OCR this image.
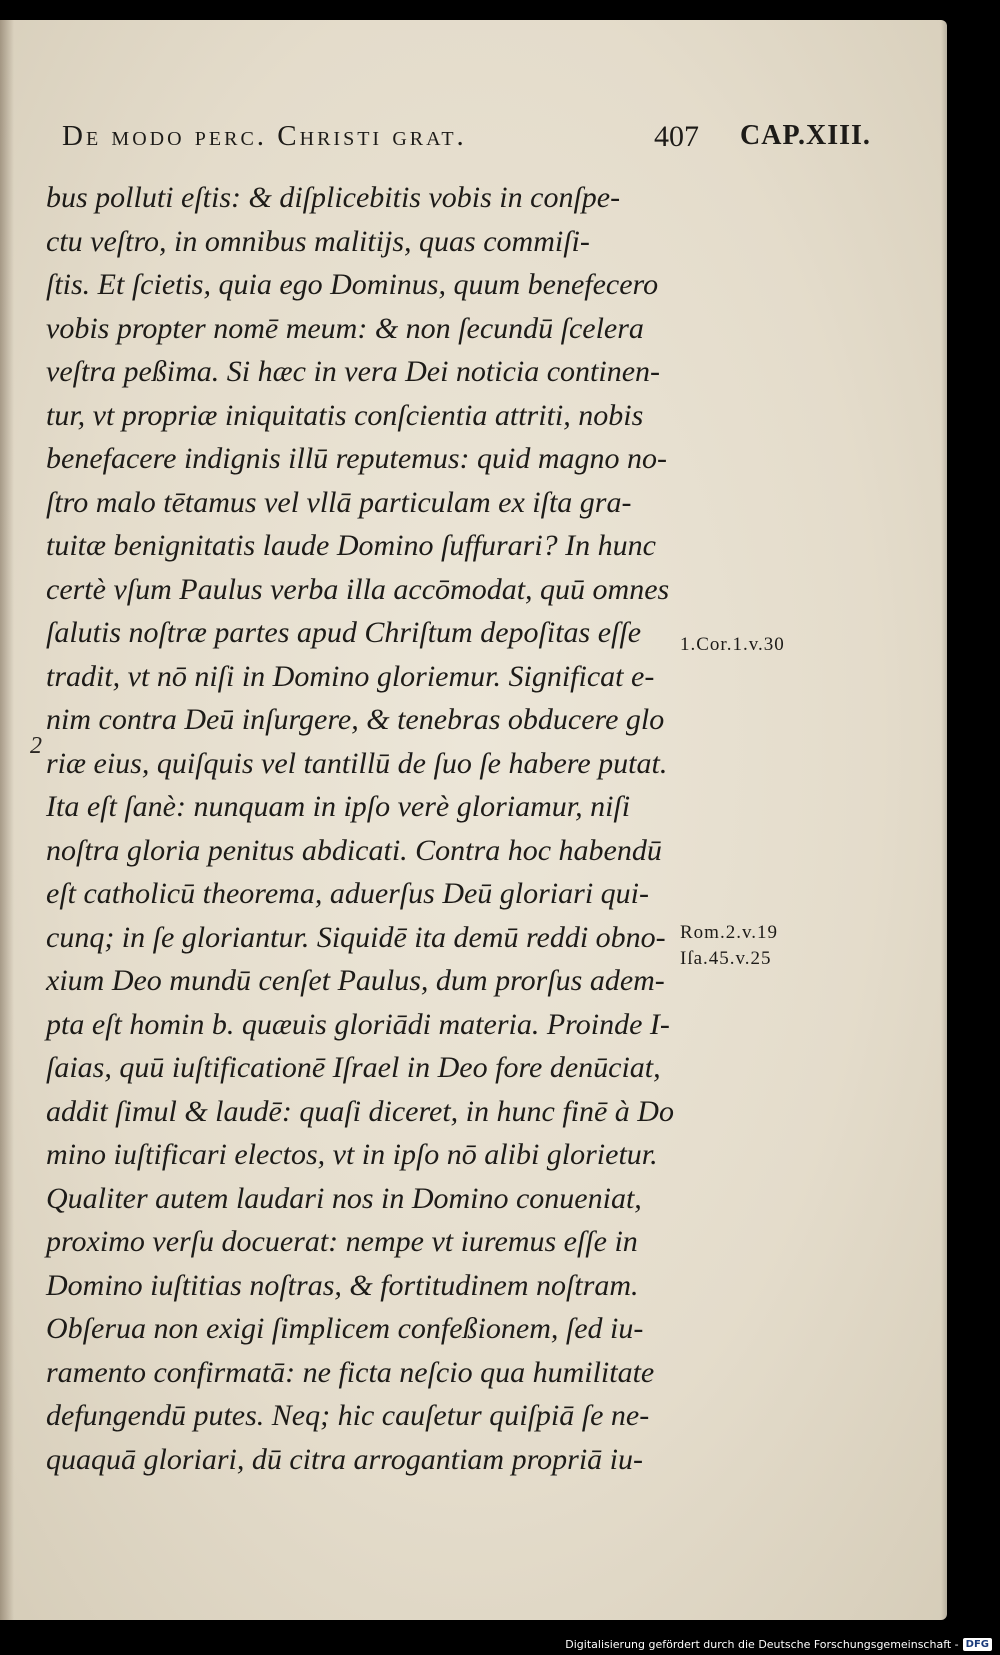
De modo perc. Christi grat.	407 CAP.XIII.
2
bus polluti eſtis: & diſplicebitis vobis in conſpe-
ctu veſtro, in omnibus malitijs, quas commiſi-
ſtis. Et ſcietis, quia ego Dominus, quum benefecero
vobis propter nomē meum: & non ſecundū ſcelera
veſtra peßima. Si hæc in vera Dei noticia continen-
tur, vt propriæ iniquitatis conſcientia attriti, nobis
benefacere indignis illū reputemus: quid magno no-
ſtro malo tētamus vel vllā particulam ex iſta gra-
tuitæ benignitatis laude Domino ſuffurari? In hunc
certè vſum Paulus verba illa accōmodat, quū omnes
ſalutis noſtræ partes apud Chriſtum depoſitas eſſe
tradit, vt nō niſi in Domino gloriemur. Significat e-
nim contra Deū inſurgere, & tenebras obducere glo
riæ eius, quiſquis vel tantillū de ſuo ſe habere putat.
Ita eſt ſanè: nunquam in ipſo verè gloriamur, niſi
noſtra gloria penitus abdicati. Contra hoc habendū
eſt catholicū theorema, aduerſus Deū gloriari qui-
cunq; in ſe gloriantur. Siquidē ita demū reddi obno-
xium Deo mundū cenſet Paulus, dum prorſus adem-
pta eſt homin b. quæuis gloriādi materia. Proinde I-
ſaias, quū iuſtificationē Iſrael in Deo fore denūciat,
addit ſimul & laudē: quaſi diceret, in hunc finē à Do
mino iuſtificari electos, vt in ipſo nō alibi glorietur.
Qualiter autem laudari nos in Domino conueniat,
proximo verſu docuerat: nempe vt iuremus eſſe in
Domino iuſtitias noſtras, & fortitudinem noſtram.
Obſerua non exigi ſimplicem confeßionem, ſed iu-
ramento confirmatā: ne ficta neſcio qua humilitate
defungendū putes. Neq; hic cauſetur quiſpiā ſe ne-
quaquā gloriari, dū citra arrogantiam propriā iu-
1.Cor.1.v.30
Rom.2.v.19
Iſa.45.v.25
Digitalisierung gefördert durch die Deutsche Forschungsgemeinschaft - DFG
